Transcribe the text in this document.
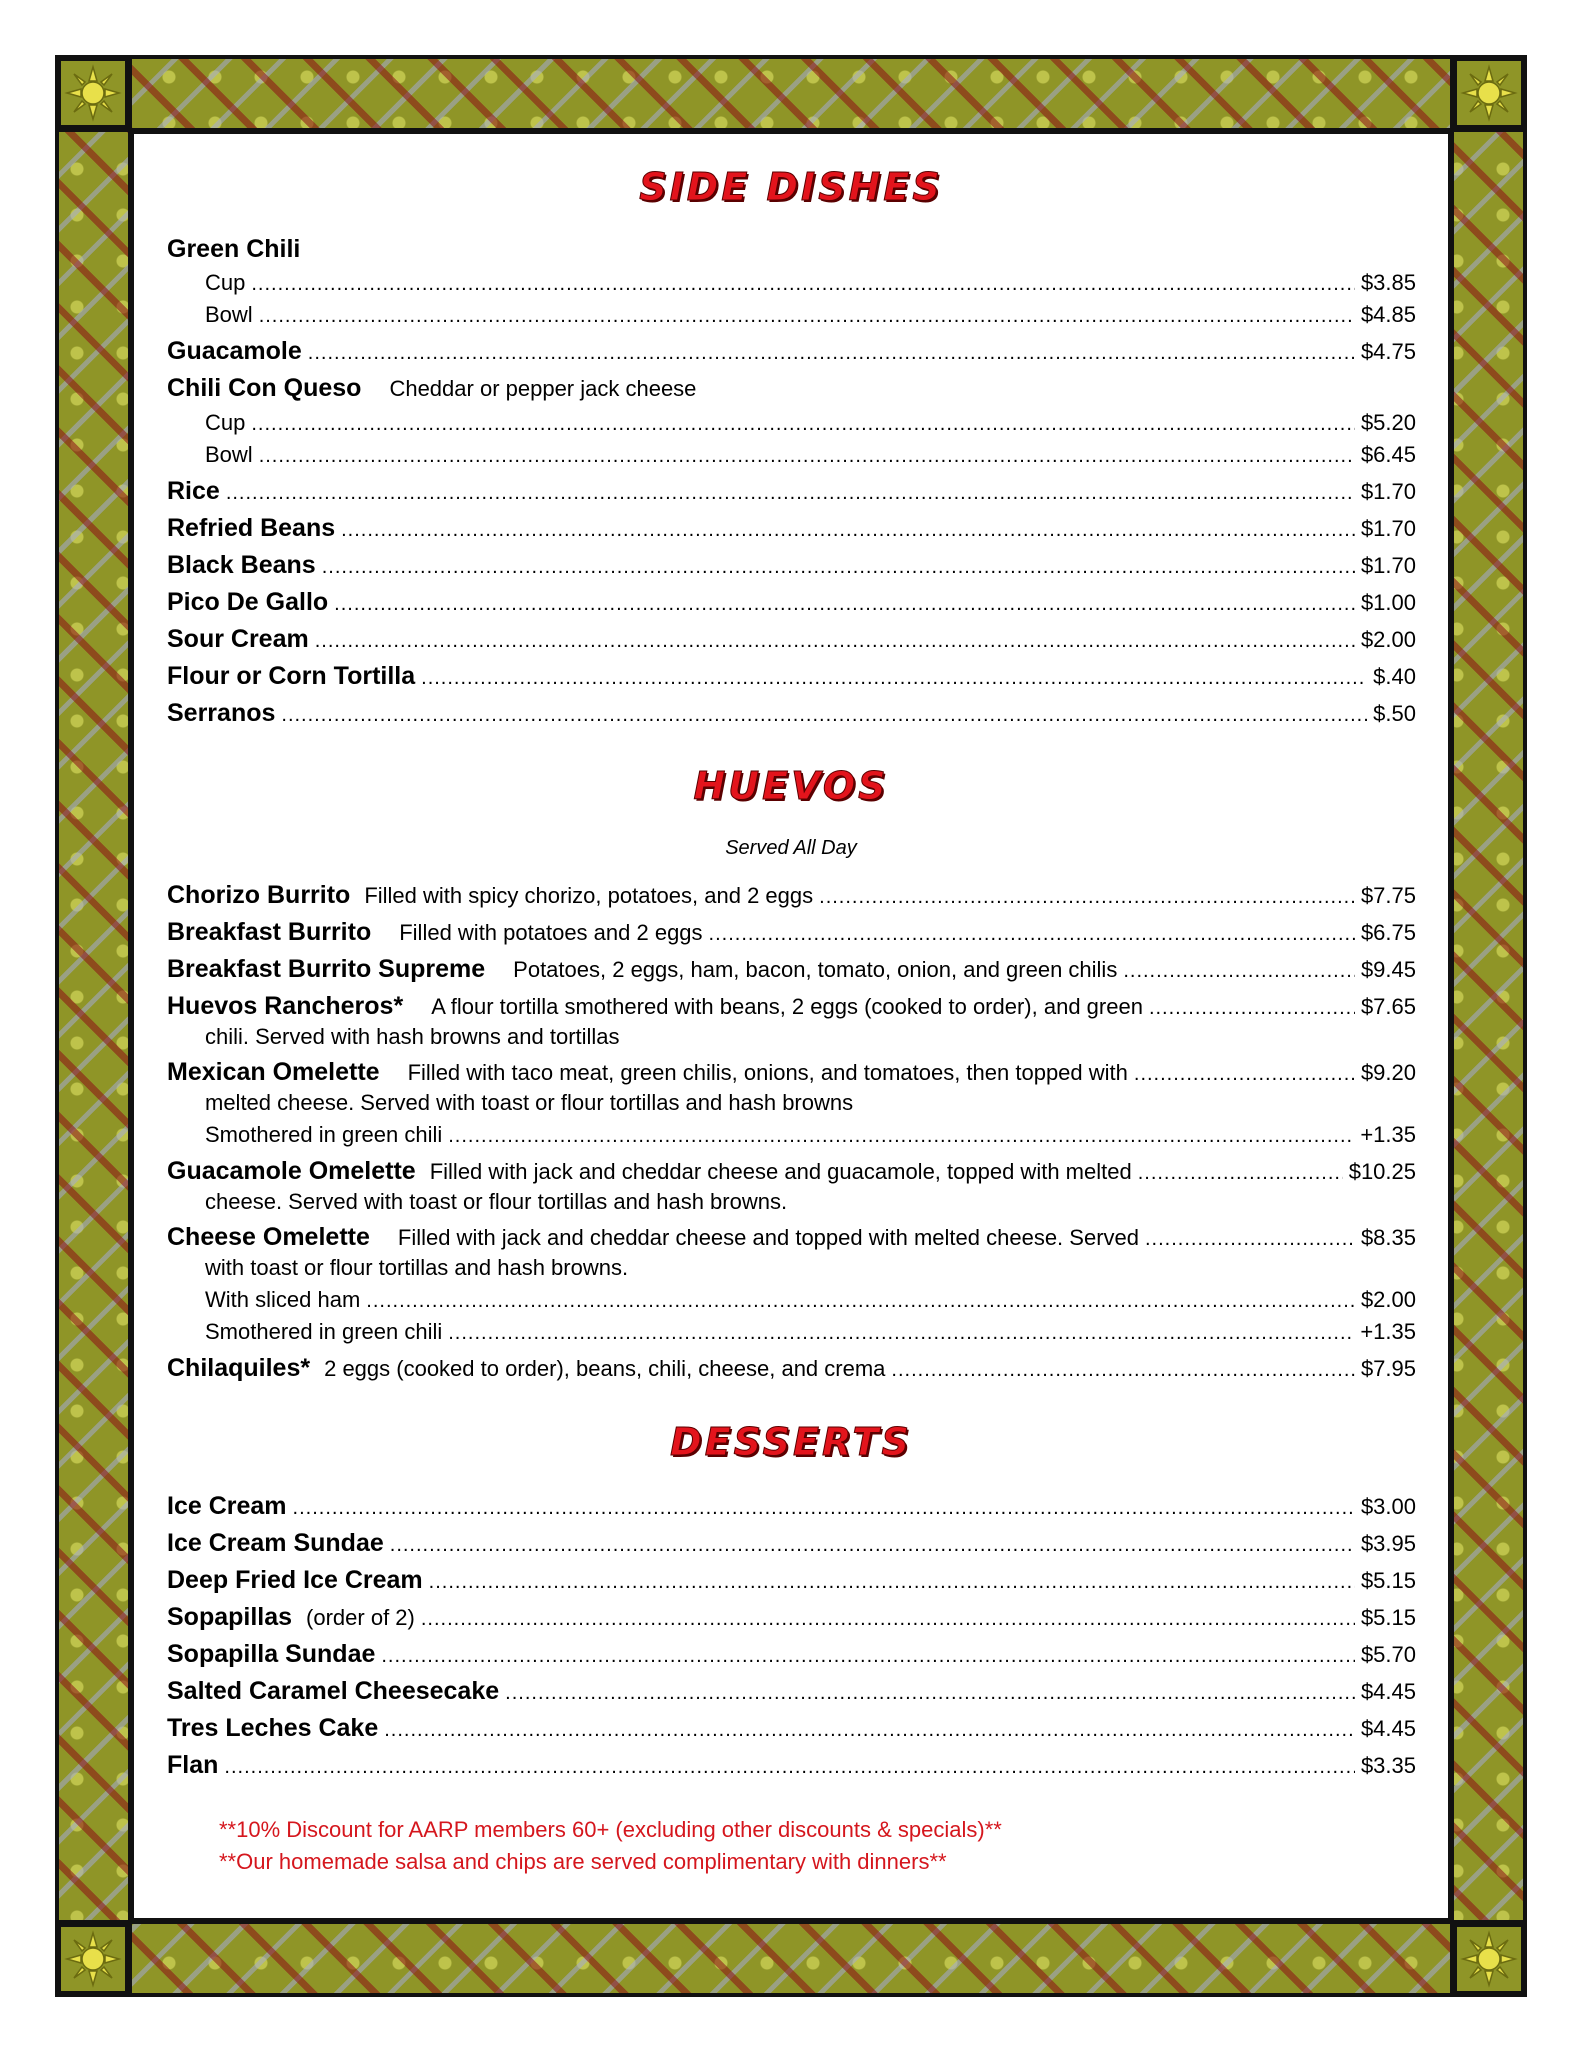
SIDE DISHES
Green Chili
Cup .....	$3.85
Bowl .....	$4.85
Guacamole .....	$4.75
Chili Con Queso Cheddar or pepper jack cheese
Cup .....	$5.20
Bowl .....	$6.45
Rice .....	$1.70
Refried Beans .....	$1.70
Black Beans .....	$1.70
Pico De Gallo .....	$1.00
Sour Cream .....	$2.00
Flour or Corn Tortilla .....	$.40
Serranos .....	$.50
HUEVOS
Served All Day
Chorizo Burrito Filled with spicy chorizo, potatoes, and 2 eggs .....	$7.75
Breakfast Burrito Filled with potatoes and 2 eggs .....	$6.75
Breakfast Burrito Supreme Potatoes, 2 eggs, ham, bacon, tomato, onion, and green chilis .....	$9.45
Huevos Rancheros* A flour tortilla smothered with beans, 2 eggs (cooked to order), and green .....	$7.65
chili. Served with hash browns and tortillas
Mexican Omelette Filled with taco meat, green chilis, onions, and tomatoes, then topped with .....	$9.20
melted cheese. Served with toast or flour tortillas and hash browns
Smothered in green chili .....	+1.35
Guacamole Omelette Filled with jack and cheddar cheese and guacamole, topped with melted .....	$10.25
cheese. Served with toast or flour tortillas and hash browns.
Cheese Omelette Filled with jack and cheddar cheese and topped with melted cheese. Served .....	$8.35
with toast or flour tortillas and hash browns.
With sliced ham .....	$2.00
Smothered in green chili .....	+1.35
Chilaquiles* 2 eggs (cooked to order), beans, chili, cheese, and crema .....	$7.95
DESSERTS
Ice Cream .....	$3.00
Ice Cream Sundae .....	$3.95
Deep Fried Ice Cream .....	$5.15
Sopapillas (order of 2) .....	$5.15
Sopapilla Sundae .....	$5.70
Salted Caramel Cheesecake .....	$4.45
Tres Leches Cake .....	$4.45
Flan .....	$3.35
**10% Discount for AARP members 60+ (excluding other discounts & specials)**
**Our homemade salsa and chips are served complimentary with dinners**
